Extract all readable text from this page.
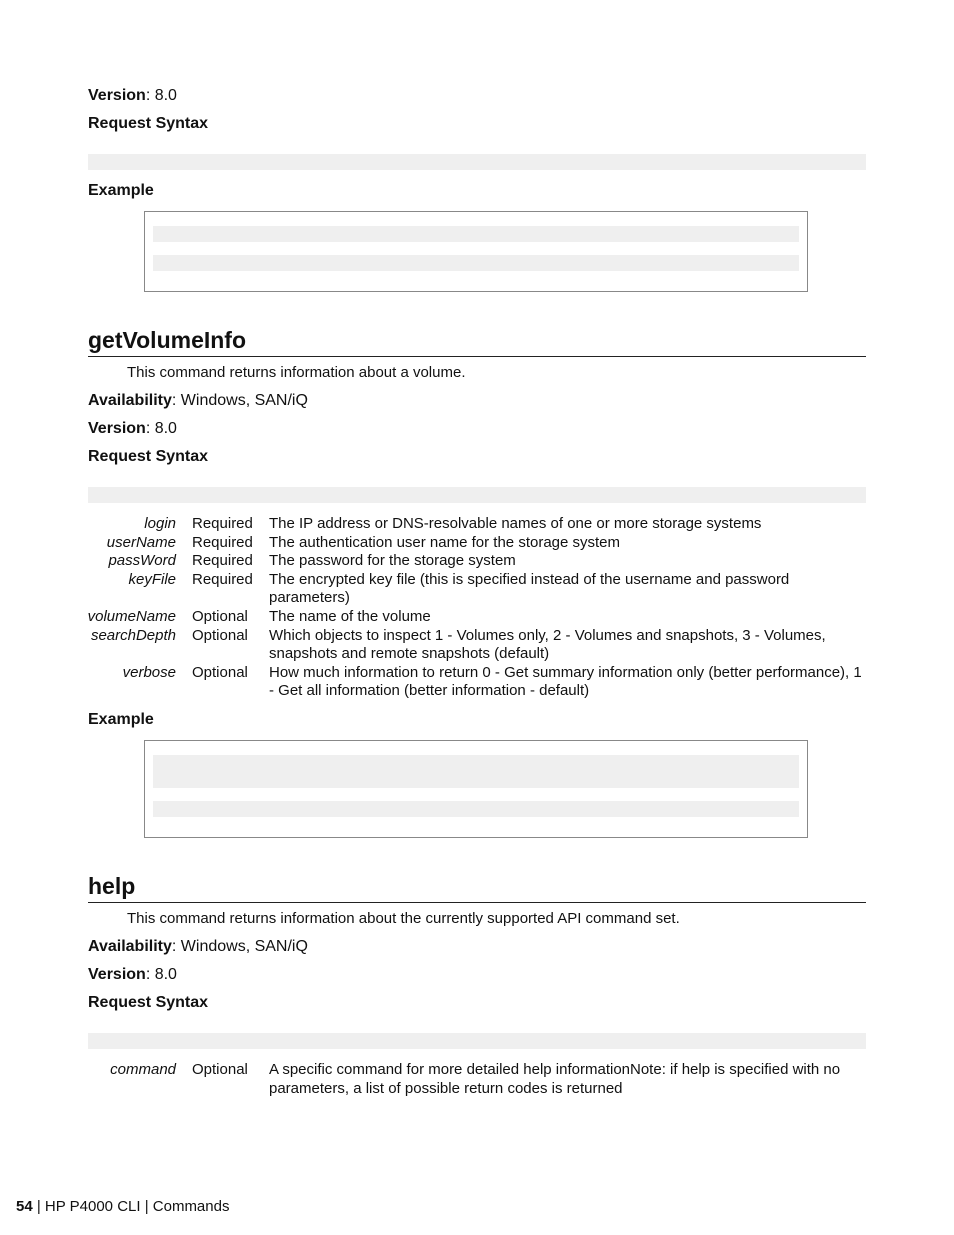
Version: 8.0
Request Syntax
Example
getVolumeInfo
This command returns information about a volume.
Availability: Windows, SAN/iQ
Version: 8.0
Request Syntax
login	Required	The IP address or DNS-resolvable names of one or more storage systems
userName	Required	The authentication user name for the storage system
passWord	Required	The password for the storage system
keyFile	Required	The encrypted key file (this is specified instead of the username and password parameters)
volumeName	Optional	The name of the volume
searchDepth	Optional	Which objects to inspect 1 - Volumes only, 2 - Volumes and snapshots, 3 - Volumes, snapshots and remote snapshots (default)
verbose	Optional	How much information to return 0 - Get summary information only (better performance), 1 - Get all information (better information - default)
Example
help
This command returns information about the currently supported API command set.
Availability: Windows, SAN/iQ
Version: 8.0
Request Syntax
command	Optional	A specific command for more detailed help informationNote: if help is specified with no parameters, a list of possible return codes is returned
54 | HP P4000 CLI | Commands
